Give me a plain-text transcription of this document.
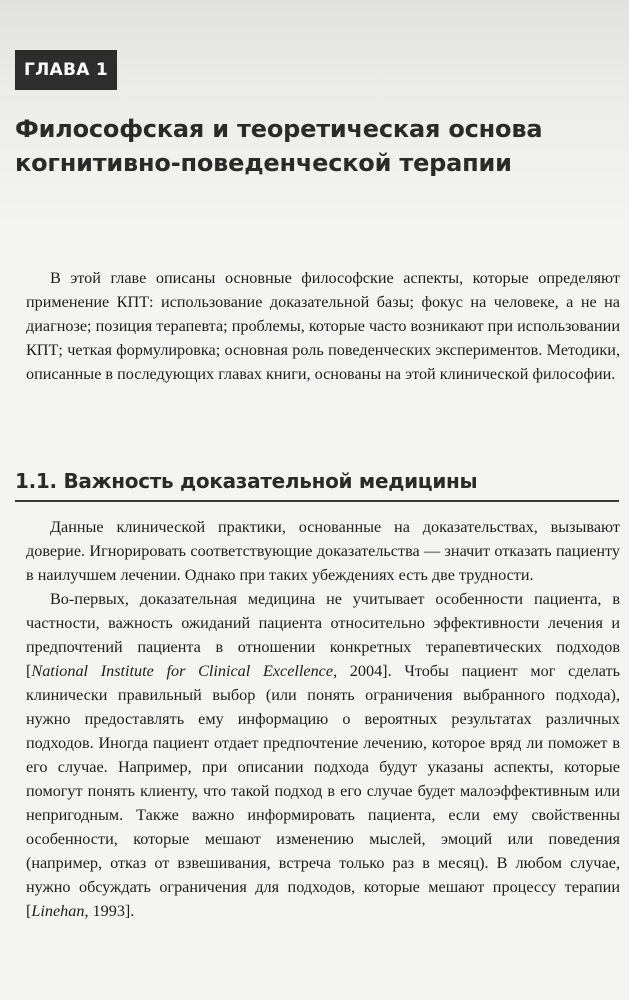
ГЛАВА 1
Философская и теоретическая основа
когнитивно-поведенческой терапии

В этой главе описаны основные философские аспекты, которые определяют применение КПТ: использование доказательной базы; фокус на человеке, а не на диагнозе; позиция терапевта; проблемы, которые часто возникают при использовании КПТ; четкая формулировка; основная роль поведенческих экспериментов. Методики, описанные в последующих главах книги, основаны на этой клинической философии.

1.1. Важность доказательной медицины

Данные клинической практики, основанные на доказательствах, вызывают доверие. Игнорировать соответствующие доказательства — значит отказать пациенту в наилучшем лечении. Однако при таких убеждениях есть две трудности.

Во-первых, доказательная медицина не учитывает особенности пациента, в частности, важность ожиданий пациента относительно эффективности лечения и предпочтений пациента в отношении конкретных терапевтических подходов [National Institute for Clinical Excellence, 2004]. Чтобы пациент мог сделать клинически правильный выбор (или понять ограничения выбранного подхода), нужно предоставлять ему информацию о вероятных результатах различных подходов. Иногда пациент отдает предпочтение лечению, которое вряд ли поможет в его случае. Например, при описании подхода будут указаны аспекты, которые помогут понять клиенту, что такой подход в его случае будет малоэффективным или непригодным. Также важно информировать пациента, если ему свойственны особенности, которые мешают изменению мыслей, эмоций или поведения (например, отказ от взвешивания, встреча только раз в месяц). В любом случае, нужно обсуждать ограничения для подходов, которые мешают процессу терапии [Linehan, 1993].
